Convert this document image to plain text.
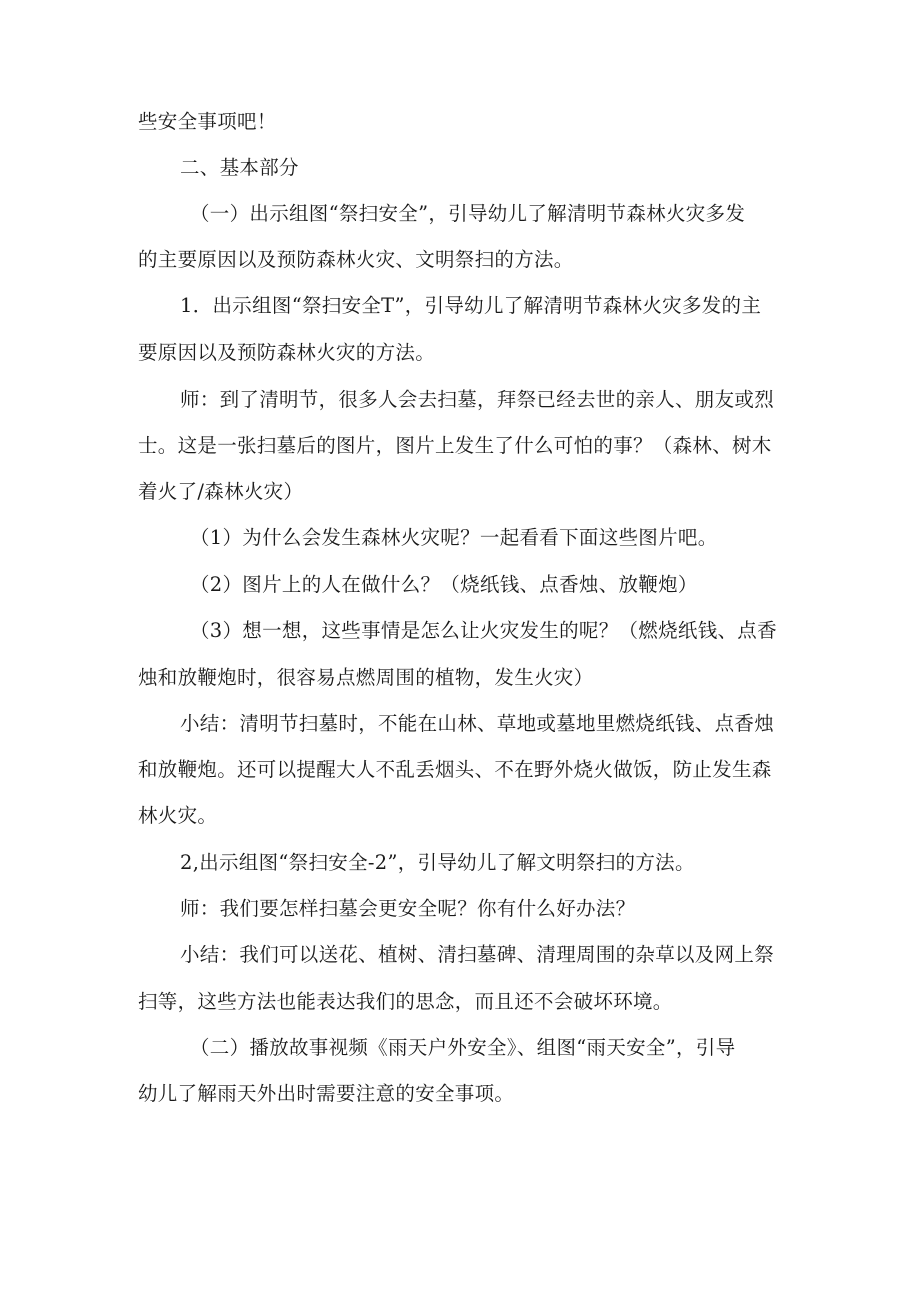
些安全事项吧！
二、基本部分
（一）出示组图“祭扫安全”，引导幼儿了解清明节森林火灾多发
的主要原因以及预防森林火灾、文明祭扫的方法。
1．出示组图“祭扫安全T”，引导幼儿了解清明节森林火灾多发的主
要原因以及预防森林火灾的方法。
师：到了清明节，很多人会去扫墓，拜祭已经去世的亲人、朋友或烈
士。这是一张扫墓后的图片，图片上发生了什么可怕的事？（森林、树木
着火了/森林火灾）
（1）为什么会发生森林火灾呢？一起看看下面这些图片吧。
（2）图片上的人在做什么？（烧纸钱、点香烛、放鞭炮）
（3）想一想，这些事情是怎么让火灾发生的呢？（燃烧纸钱、点香
烛和放鞭炮时，很容易点燃周围的植物，发生火灾）
小结：清明节扫墓时，不能在山林、草地或墓地里燃烧纸钱、点香烛
和放鞭炮。还可以提醒大人不乱丢烟头、不在野外烧火做饭，防止发生森
林火灾。
2,出示组图“祭扫安全-2”，引导幼儿了解文明祭扫的方法。
师：我们要怎样扫墓会更安全呢？你有什么好办法？
小结：我们可以送花、植树、清扫墓碑、清理周围的杂草以及网上祭
扫等，这些方法也能表达我们的思念，而且还不会破坏环境。
（二）播放故事视频《雨天户外安全》、组图“雨天安全”，引导
幼儿了解雨天外出时需要注意的安全事项。
